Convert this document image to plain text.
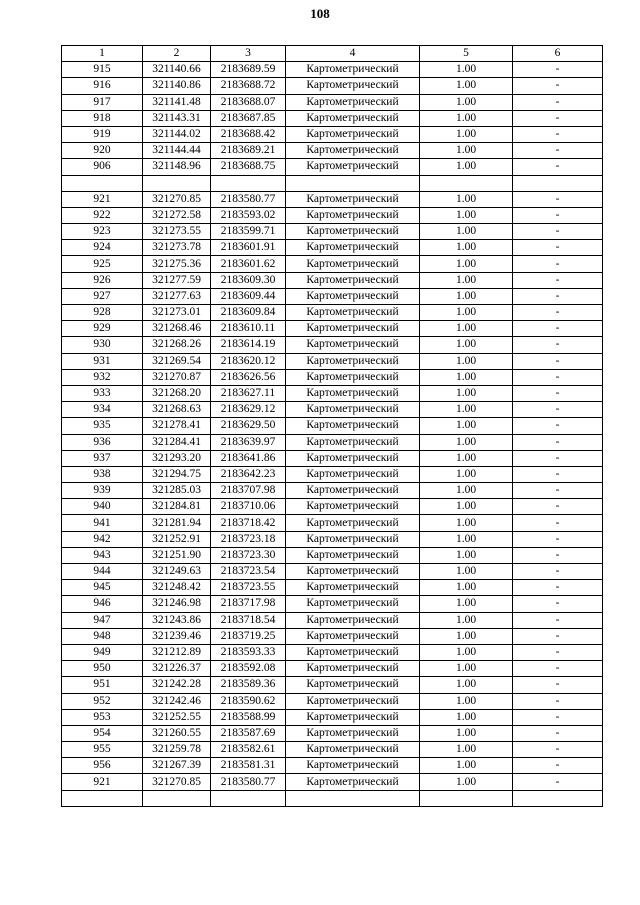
108
1	2	3	4	5	6
915	321140.66	2183689.59	Картометрический	1.00	-
916	321140.86	2183688.72	Картометрический	1.00	-
917	321141.48	2183688.07	Картометрический	1.00	-
918	321143.31	2183687.85	Картометрический	1.00	-
919	321144.02	2183688.42	Картометрический	1.00	-
920	321144.44	2183689.21	Картометрический	1.00	-
906	321148.96	2183688.75	Картометрический	1.00	-

921	321270.85	2183580.77	Картометрический	1.00	-
922	321272.58	2183593.02	Картометрический	1.00	-
923	321273.55	2183599.71	Картометрический	1.00	-
924	321273.78	2183601.91	Картометрический	1.00	-
925	321275.36	2183601.62	Картометрический	1.00	-
926	321277.59	2183609.30	Картометрический	1.00	-
927	321277.63	2183609.44	Картометрический	1.00	-
928	321273.01	2183609.84	Картометрический	1.00	-
929	321268.46	2183610.11	Картометрический	1.00	-
930	321268.26	2183614.19	Картометрический	1.00	-
931	321269.54	2183620.12	Картометрический	1.00	-
932	321270.87	2183626.56	Картометрический	1.00	-
933	321268.20	2183627.11	Картометрический	1.00	-
934	321268.63	2183629.12	Картометрический	1.00	-
935	321278.41	2183629.50	Картометрический	1.00	-
936	321284.41	2183639.97	Картометрический	1.00	-
937	321293.20	2183641.86	Картометрический	1.00	-
938	321294.75	2183642.23	Картометрический	1.00	-
939	321285.03	2183707.98	Картометрический	1.00	-
940	321284.81	2183710.06	Картометрический	1.00	-
941	321281.94	2183718.42	Картометрический	1.00	-
942	321252.91	2183723.18	Картометрический	1.00	-
943	321251.90	2183723.30	Картометрический	1.00	-
944	321249.63	2183723.54	Картометрический	1.00	-
945	321248.42	2183723.55	Картометрический	1.00	-
946	321246.98	2183717.98	Картометрический	1.00	-
947	321243.86	2183718.54	Картометрический	1.00	-
948	321239.46	2183719.25	Картометрический	1.00	-
949	321212.89	2183593.33	Картометрический	1.00	-
950	321226.37	2183592.08	Картометрический	1.00	-
951	321242.28	2183589.36	Картометрический	1.00	-
952	321242.46	2183590.62	Картометрический	1.00	-
953	321252.55	2183588.99	Картометрический	1.00	-
954	321260.55	2183587.69	Картометрический	1.00	-
955	321259.78	2183582.61	Картометрический	1.00	-
956	321267.39	2183581.31	Картометрический	1.00	-
921	321270.85	2183580.77	Картометрический	1.00	-
